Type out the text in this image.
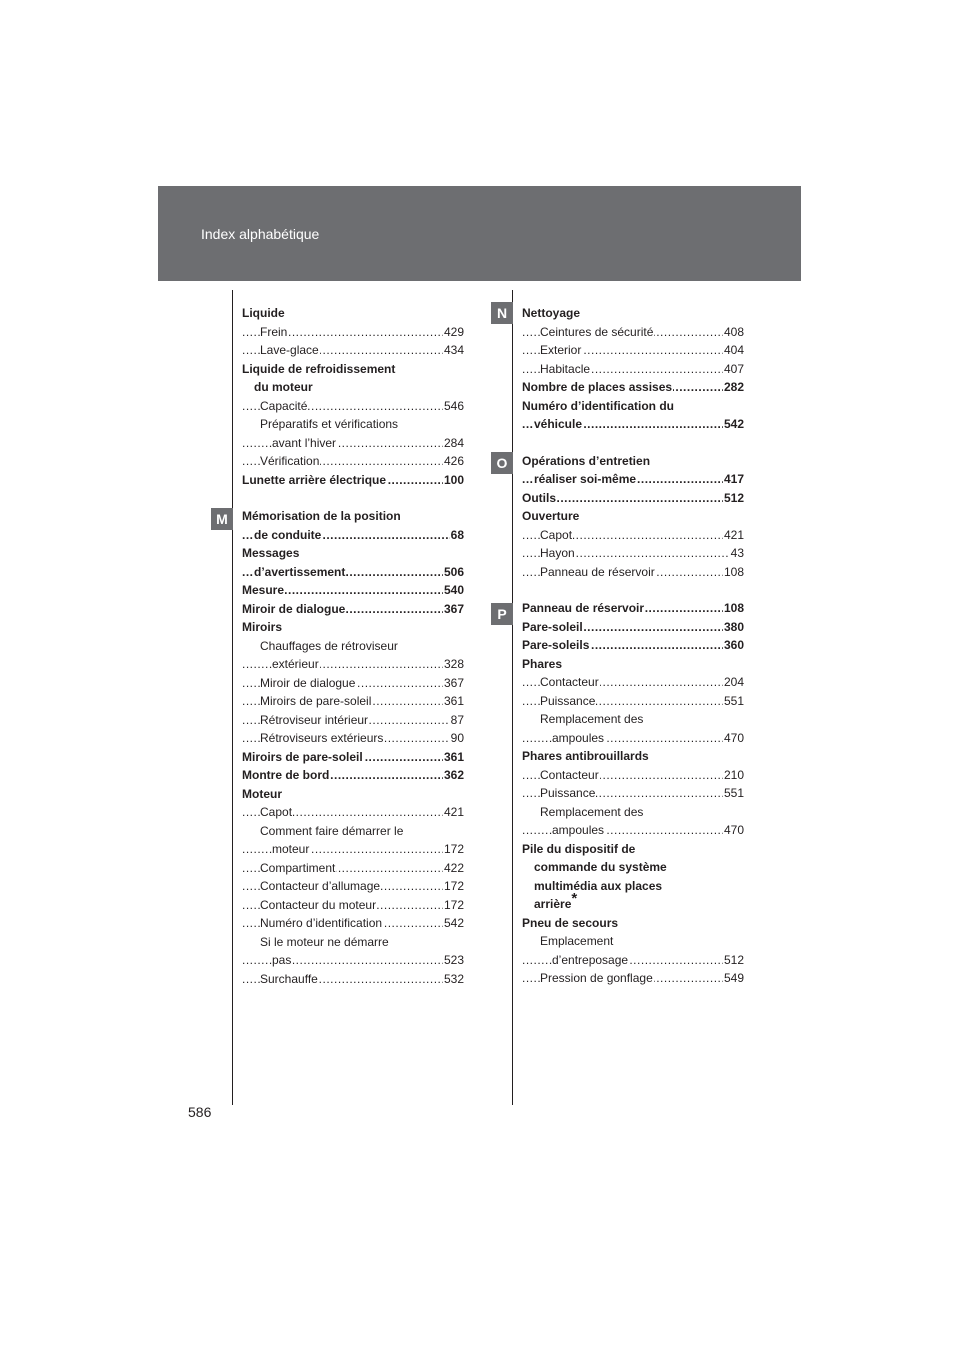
Index alphabétique
M
N
O
P
Liquide
Frein	429
.....
Lave-glace	434
.....
Liquide de refroidissement
du moteur
Capacité	546
.....
Préparatifs et vérifications
avant l’hiver	284
.....
Vérification	426
.....
Lunette arrière électrique	100
.....
Mémorisation de la position
de conduite	68
.....
Messages
d’avertissement	506
.....
Mesure	540
.....
Miroir de dialogue	367
.....
Miroirs
Chauffages de rétroviseur
extérieur	328
.....
Miroir de dialogue	367
.....
Miroirs de pare-soleil	361
.....
Rétroviseur intérieur	87
.....
Rétroviseurs extérieurs	90
.....
Miroirs de pare-soleil	361
.....
Montre de bord	362
.....
Moteur
Capot	421
.....
Comment faire démarrer le
moteur	172
.....
Compartiment	422
.....
Contacteur d’allumage	172
.....
Contacteur du moteur	172
.....
Numéro d’identification	542
.....
Si le moteur ne démarre
pas	523
.....
Surchauffe	532
.....
Nettoyage
Ceintures de sécurité	408
.....
Exterior	404
.....
Habitacle	407
.....
Nombre de places assises	282
.....
Numéro d’identification du
véhicule	542
.....
Opérations d’entretien
réaliser soi-même	417
.....
Outils	512
.....
Ouverture
Capot	421
.....
Hayon	43
.....
Panneau de réservoir	108
.....
Panneau de réservoir	108
.....
Pare-soleil	380
.....
Pare-soleils	360
.....
Phares
Contacteur	204
.....
Puissance	551
.....
Remplacement des
ampoules	470
.....
Phares antibrouillards
Contacteur	210
.....
Puissance	551
.....
Remplacement des
ampoules	470
.....
Pile du dispositif de
commande du système
multimédia aux places
arrière*
Pneu de secours
Emplacement
d’entreposage	512
.....
Pression de gonflage	549
.....
586
